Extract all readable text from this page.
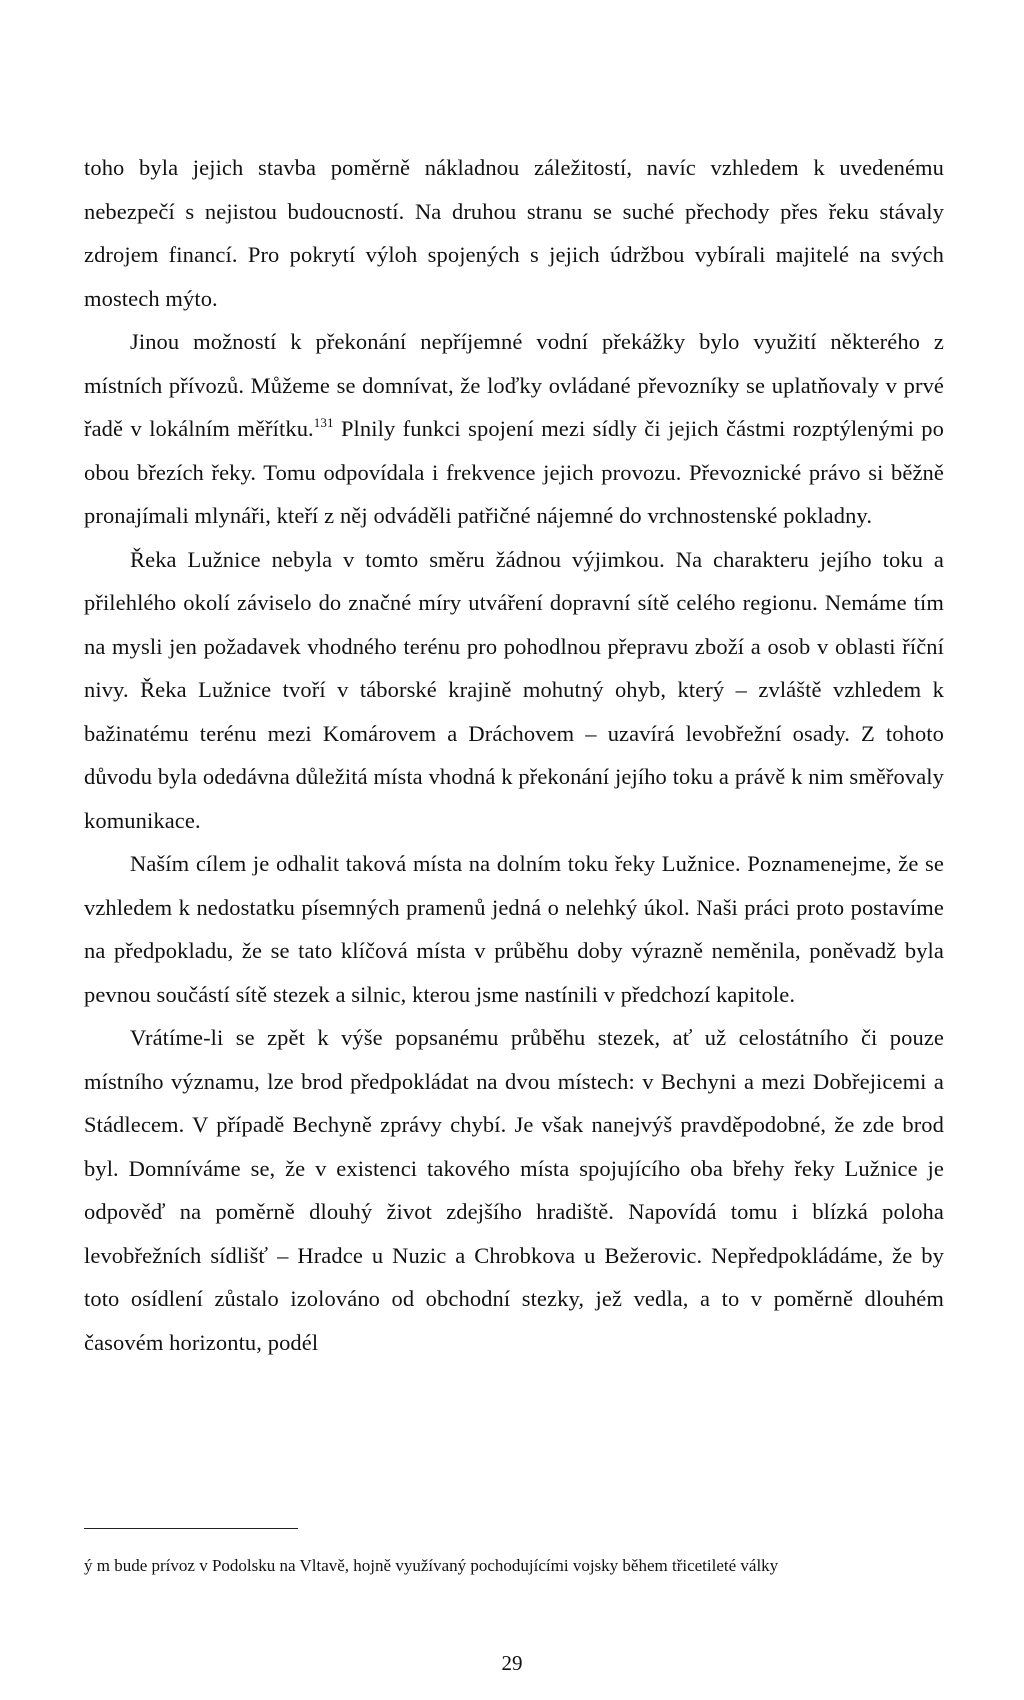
toho byla jejich stavba poměrně nákladnou záležitostí, navíc vzhledem k uvedenému nebezpečí s nejistou budoucností. Na druhou stranu se suché přechody přes řeku stávaly zdrojem financí. Pro pokrytí výloh spojených s jejich údržbou vybírali majitelé na svých mostech mýto.

Jinou možností k překonání nepříjemné vodní překážky bylo využití některého z místních přívozů. Můžeme se domnívat, že loďky ovládané převozníky se uplatňovaly v prvé řadě v lokálním měřítku.$^{131}$ Plnily funkci spojení mezi sídly či jejich částmi rozptýlenými po obou březích řeky. Tomu odpovídala i frekvence jejich provozu. Převoznické právo si běžně pronajímali mlynáři, kteří z něj odváděli patřičné nájemné do vrchnostenské pokladny.

Řeka Lužnice nebyla v tomto směru žádnou výjimkou. Na charakteru jejího toku a přilehlého okolí záviselo do značné míry utváření dopravní sítě celého regionu. Nemáme tím na mysli jen požadavek vhodného terénu pro pohodlnou přepravu zboží a osob v oblasti říční nivy. Řeka Lužnice tvoří v táborské krajině mohutný ohyb, který – zvláště vzhledem k bažinatému terénu mezi Komárovem a Dráchovem – uzavírá levobřežní osady. Z tohoto důvodu byla odedávna důležitá místa vhodná k překonání jejího toku a právě k nim směřovaly komunikace.

Naším cílem je odhalit taková místa na dolním toku řeky Lužnice. Poznamenejme, že se vzhledem k nedostatku písemných pramenů jedná o nelehký úkol. Naši práci proto postavíme na předpokladu, že se tato klíčová místa v průběhu doby výrazně neměnila, poněvadž byla pevnou součástí sítě stezek a silnic, kterou jsme nastínili v předchozí kapitole.

Vrátíme-li se zpět k výše popsanému průběhu stezek, ať už celostátního či pouze místního významu, lze brod předpokládat na dvou místech: v Bechyni a mezi Dobřejicemi a Stádlecem. V případě Bechyně zprávy chybí. Je však nanejvýš pravděpodobné, že zde brod byl. Domníváme se, že v existenci takového místa spojujícího oba břehy řeky Lužnice je odpověď na poměrně dlouhý život zdejšího hradiště. Napovídá tomu i blízká poloha levobřežních sídlišť – Hradce u Nuzic a Chrobkova u Bežerovic. Nepředpokládáme, že by toto osídlení zůstalo izolováno od obchodní stezky, jež vedla, a to v poměrně dlouhém časovém horizontu, podél

ý m bude prívoz v Podolsku na Vltavě, hojně využívaný pochodujícími vojsky během třicetileté války
29
